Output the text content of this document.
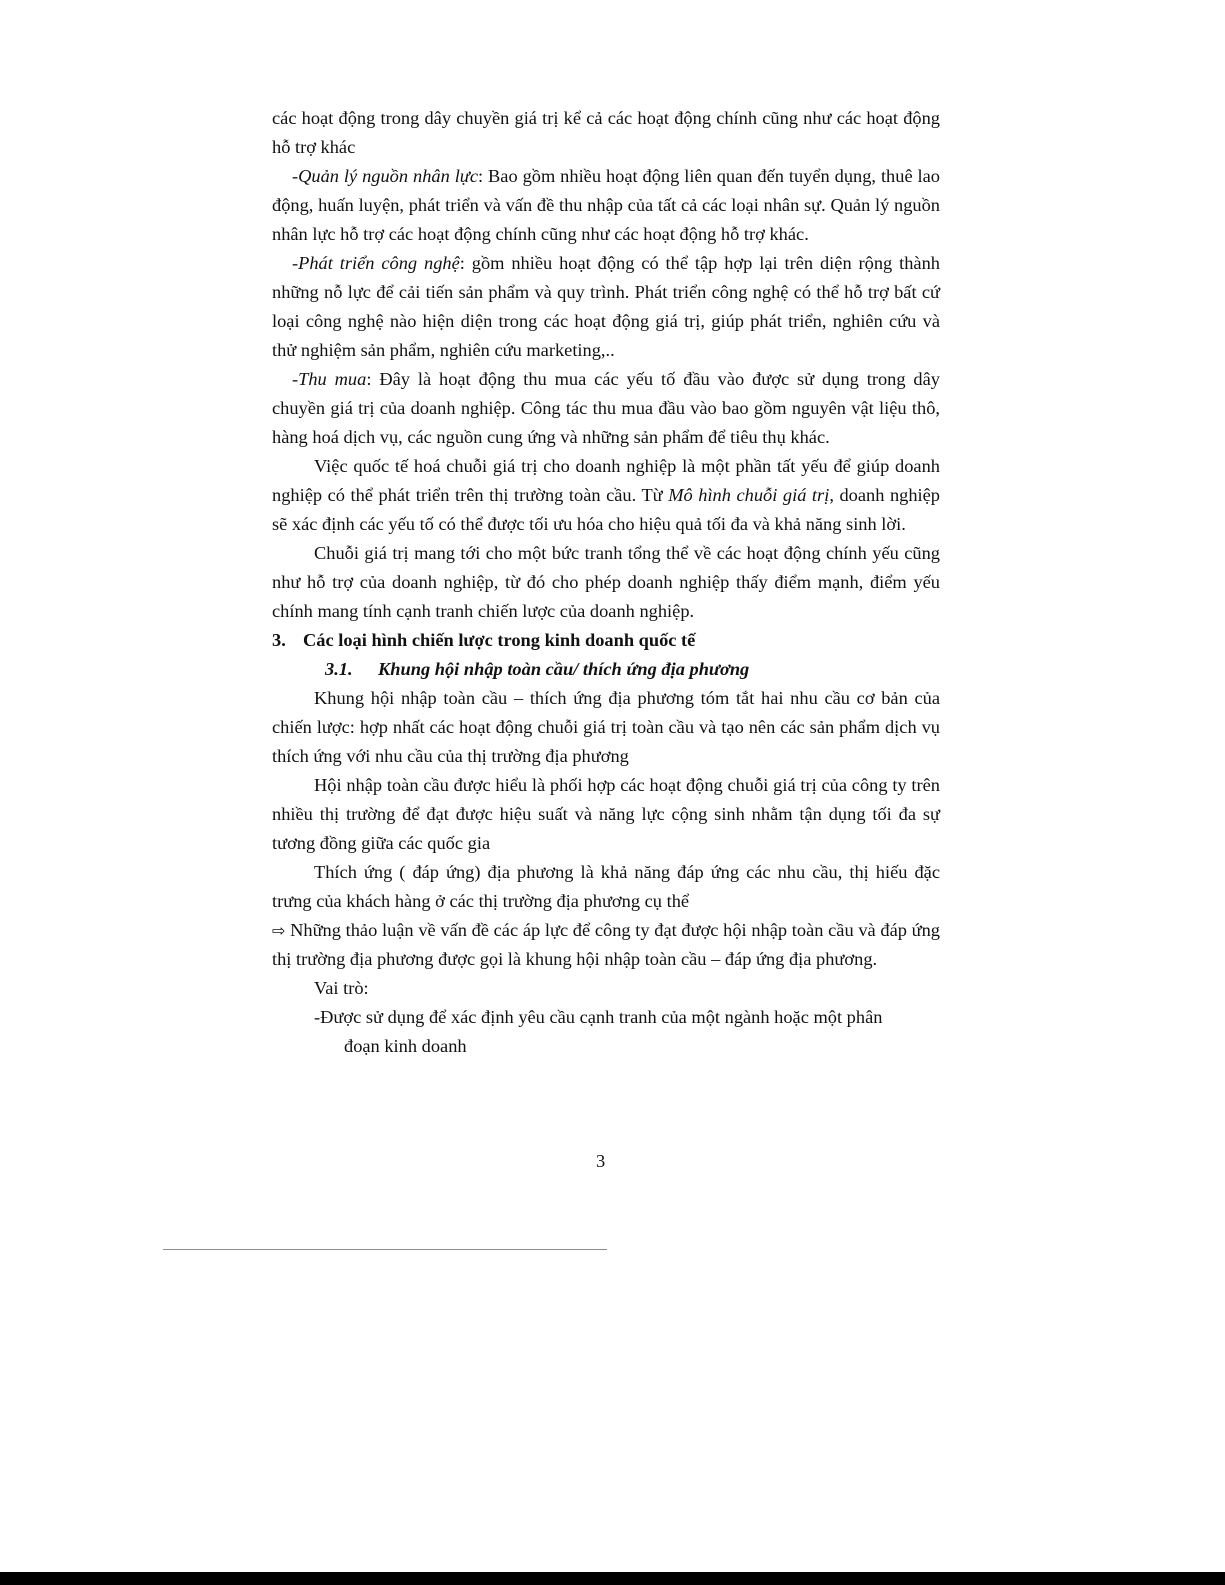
các hoạt động trong dây chuyền giá trị kể cả các hoạt động chính cũng như các hoạt động hỗ trợ khác

-Quản lý nguồn nhân lực: Bao gồm nhiều hoạt động liên quan đến tuyển dụng, thuê lao động, huấn luyện, phát triển và vấn đề thu nhập của tất cả các loại nhân sự. Quản lý nguồn nhân lực hỗ trợ các hoạt động chính cũng như các hoạt động hỗ trợ khác.

-Phát triển công nghệ: gồm nhiều hoạt động có thể tập hợp lại trên diện rộng thành những nỗ lực để cải tiến sản phẩm và quy trình. Phát triển công nghệ có thể hỗ trợ bất cứ loại công nghệ nào hiện diện trong các hoạt động giá trị, giúp phát triển, nghiên cứu và thử nghiệm sản phẩm, nghiên cứu marketing,..

-Thu mua: Đây là hoạt động thu mua các yếu tố đầu vào được sử dụng trong dây chuyền giá trị của doanh nghiệp. Công tác thu mua đầu vào bao gồm nguyên vật liệu thô, hàng hoá dịch vụ, các nguồn cung ứng và những sản phẩm để tiêu thụ khác.

Việc quốc tế hoá chuỗi giá trị cho doanh nghiệp là một phần tất yếu để giúp doanh nghiệp có thể phát triển trên thị trường toàn cầu. Từ Mô hình chuỗi giá trị, doanh nghiệp sẽ xác định các yếu tố có thể được tối ưu hóa cho hiệu quả tối đa và khả năng sinh lời.

Chuỗi giá trị mang tới cho một bức tranh tổng thể về các hoạt động chính yếu cũng như hỗ trợ của doanh nghiệp, từ đó cho phép doanh nghiệp thấy điểm mạnh, điểm yếu chính mang tính cạnh tranh chiến lược của doanh nghiệp.

3. Các loại hình chiến lược trong kinh doanh quốc tế

3.1. Khung hội nhập toàn cầu/ thích ứng địa phương

Khung hội nhập toàn cầu – thích ứng địa phương tóm tắt hai nhu cầu cơ bản của chiến lược: hợp nhất các hoạt động chuỗi giá trị toàn cầu và tạo nên các sản phẩm dịch vụ thích ứng với nhu cầu của thị trường địa phương

Hội nhập toàn cầu được hiểu là phối hợp các hoạt động chuỗi giá trị của công ty trên nhiều thị trường để đạt được hiệu suất và năng lực cộng sinh nhằm tận dụng tối đa sự tương đồng giữa các quốc gia

Thích ứng ( đáp ứng) địa phương là khả năng đáp ứng các nhu cầu, thị hiếu đặc trưng của khách hàng ở các thị trường địa phương cụ thể

⇨ Những thảo luận về vấn đề các áp lực để công ty đạt được hội nhập toàn cầu và đáp ứng thị trường địa phương được gọi là khung hội nhập toàn cầu – đáp ứng địa phương.

Vai trò:

-Được sử dụng để xác định yêu cầu cạnh tranh của một ngành hoặc một phân
đoạn kinh doanh
3
